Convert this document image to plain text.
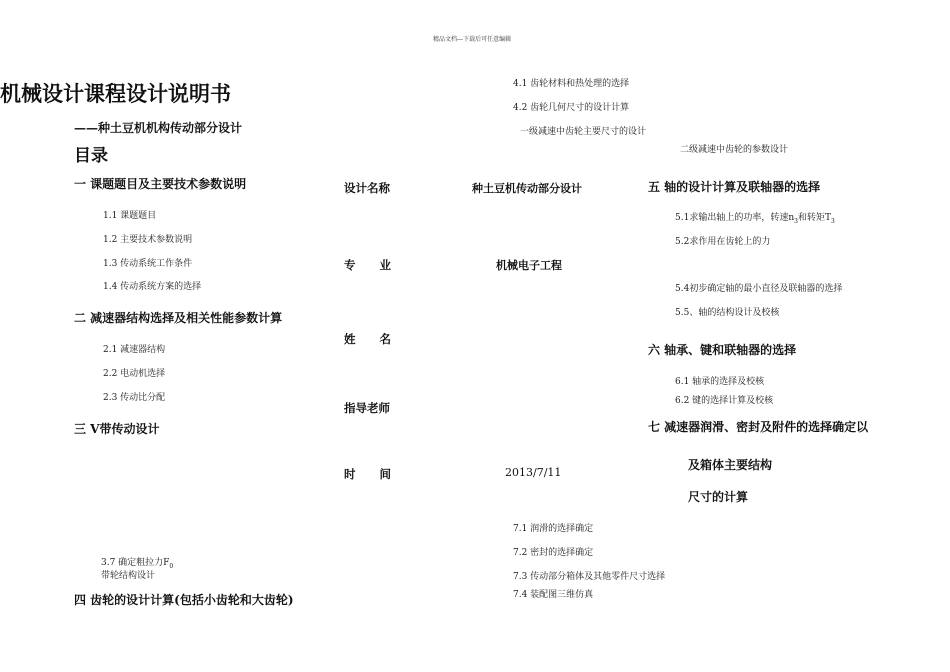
精品文档---下载后可任意编辑
机械设计课程设计说明书
——种土豆机机构传动部分设计
目录
一 课题题目及主要技术参数说明
1.1 课题题目
1.2 主要技术参数说明
1.3 传动系统工作条件
1.4 传动系统方案的选择
二 减速器结构选择及相关性能参数计算
2.1 减速器结构
2.2 电动机选择
2.3 传动比分配
三 V带传动设计
3.7 确定粗拉力$F_0$
带轮结构设计
四 齿轮的设计计算(包括小齿轮和大齿轮)
设计名称	种土豆机传动部分设计
专      业	机械电子工程
姓      名
指导老师
时      间	2013/7/11
4.1 齿轮材料和热处理的选择
4.2 齿轮几何尺寸的设计计算
一级减速中齿轮主要尺寸的设计
二级减速中齿轮的参数设计
7.1 润滑的选择确定
7.2 密封的选择确定
7.3 传动部分箱体及其他零件尺寸选择
7.4 装配图三维仿真
五 轴的设计计算及联轴器的选择
5.1求输出轴上的功率，转速$n_3$和转矩$T_3$
5.2求作用在齿轮上的力
5.4初步确定轴的最小直径及联轴器的选择
5.5、轴的结构设计及校核
六 轴承、键和联轴器的选择
6.1 轴承的选择及校核
6.2 键的选择计算及校核
七 减速器润滑、密封及附件的选择确定以
及箱体主要结构
尺寸的计算
